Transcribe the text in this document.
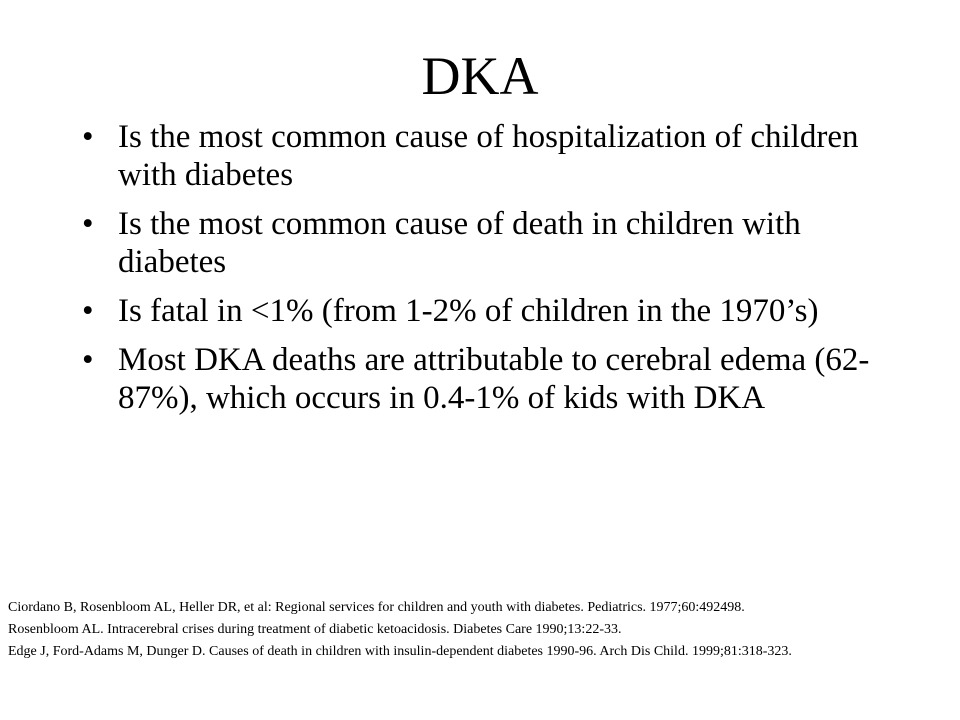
DKA
• Is the most common cause of hospitalization of children with diabetes
• Is the most common cause of death in children with diabetes
• Is fatal in <1% (from 1-2% of children in the 1970’s)
• Most DKA deaths are attributable to cerebral edema (62-87%), which occurs in 0.4-1% of kids with DKA
Ciordano B, Rosenbloom AL, Heller DR, et al: Regional services for children and youth with diabetes. Pediatrics. 1977;60:492498.
Rosenbloom AL. Intracerebral crises during treatment of diabetic ketoacidosis. Diabetes Care 1990;13:22-33.
Edge J, Ford-Adams M, Dunger D. Causes of death in children with insulin-dependent diabetes 1990-96. Arch Dis Child. 1999;81:318-323.
